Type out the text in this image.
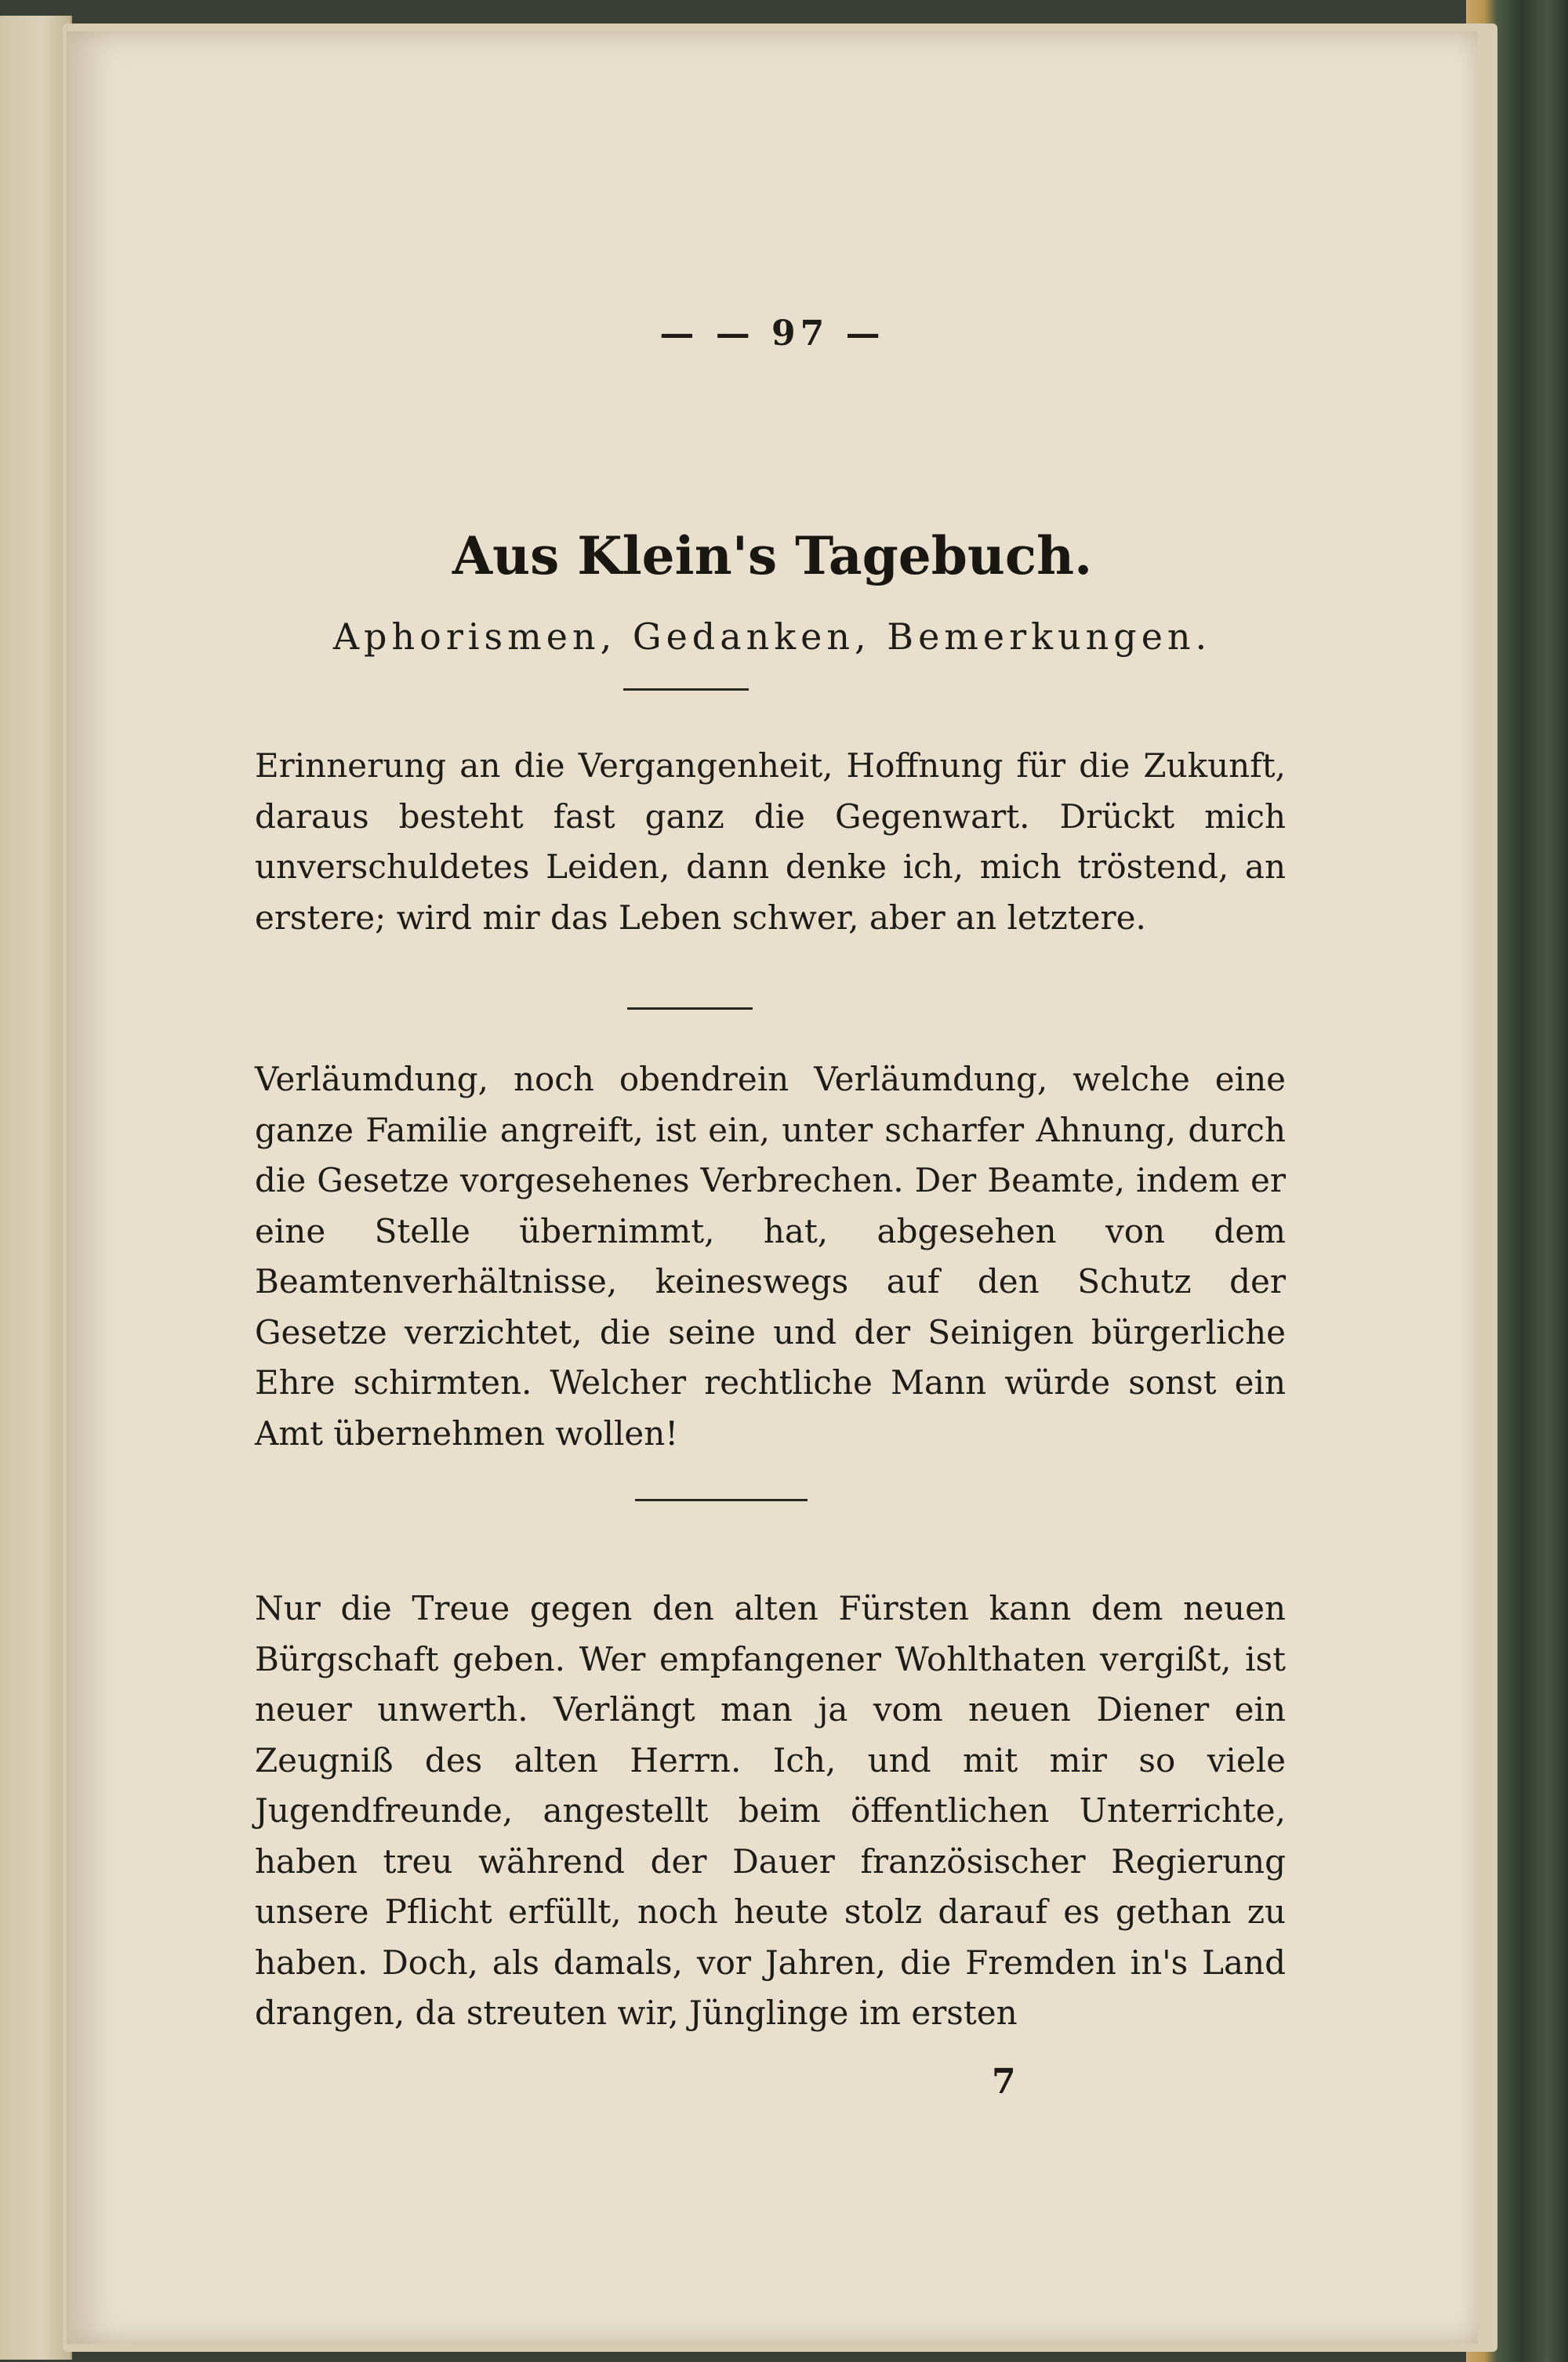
— — 97 —
Aus Klein's Tagebuch.
Aphorismen, Gedanken, Bemerkungen.

Erinnerung an die Vergangenheit, Hoffnung für die Zukunft, daraus besteht fast ganz die Gegenwart. Drückt mich unverschuldetes Leiden, dann denke ich, mich tröstend, an erstere; wird mir das Leben schwer, aber an letztere.

Verläumdung, noch obendrein Verläumdung, welche eine ganze Familie angreift, ist ein, unter scharfer Ahnung, durch die Gesetze vorgesehenes Verbrechen. Der Beamte, indem er eine Stelle übernimmt, hat, abgesehen von dem Beamtenverhältnisse, keineswegs auf den Schutz der Gesetze verzichtet, die seine und der Seinigen bürgerliche Ehre schirmten. Welcher rechtliche Mann würde sonst ein Amt übernehmen wollen!

Nur die Treue gegen den alten Fürsten kann dem neuen Bürgschaft geben. Wer empfangener Wohlthaten vergißt, ist neuer unwerth. Verlängt man ja vom neuen Diener ein Zeugniß des alten Herrn. Ich, und mit mir so viele Jugendfreunde, angestellt beim öffentlichen Unterrichte, haben treu während der Dauer französischer Regierung unsere Pflicht erfüllt, noch heute stolz darauf es gethan zu haben. Doch, als damals, vor Jahren, die Fremden in's Land drangen, da streuten wir, Jünglinge im ersten

7
